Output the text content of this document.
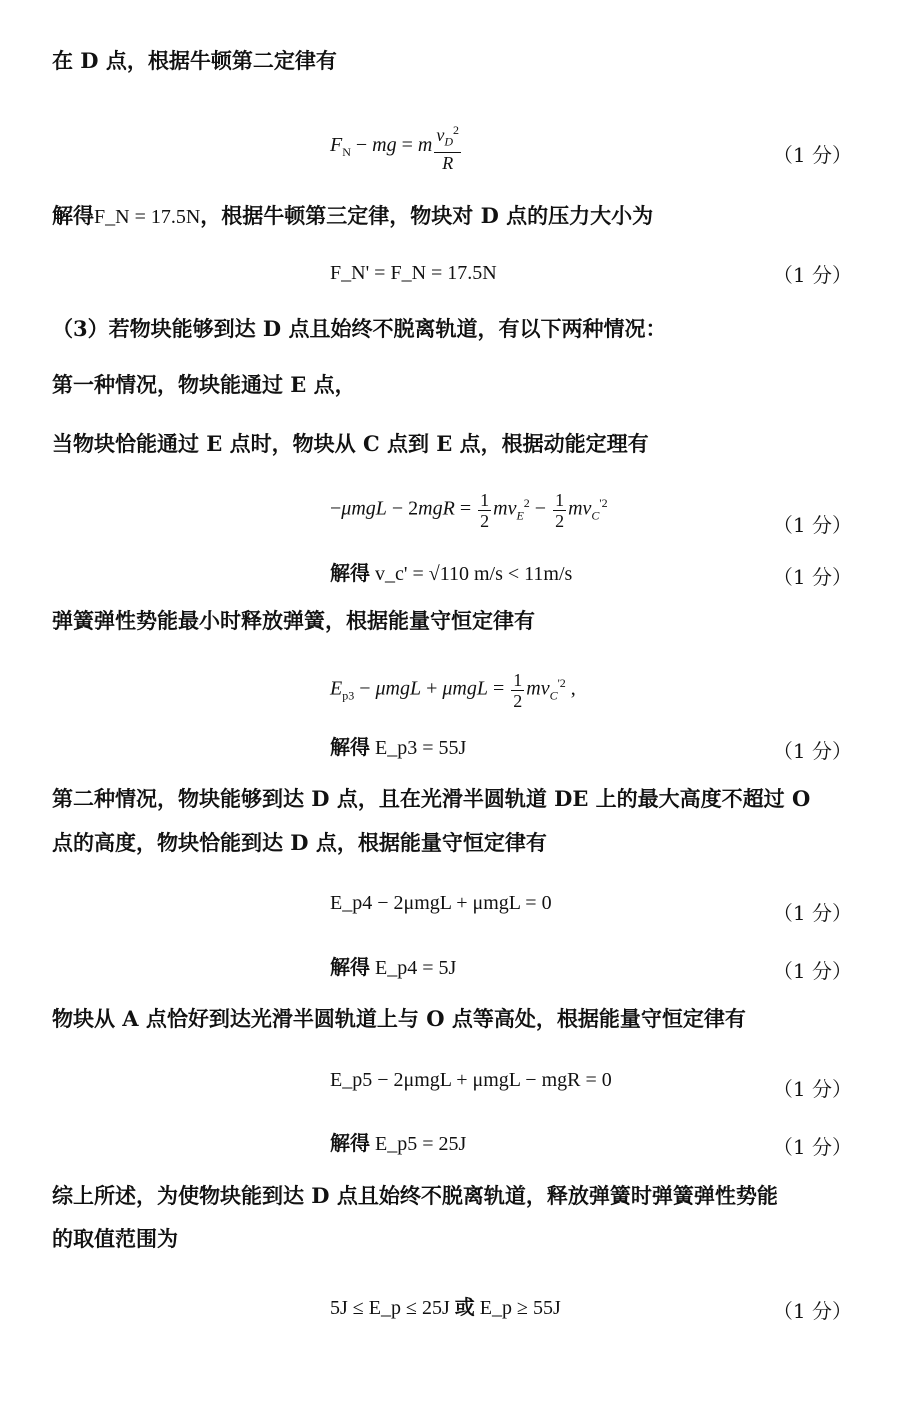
在 D 点，根据牛顿第二定律有
$F_N$ − mg = m $\frac{v_D^2}{R}$	（1 分）
解得F_N = 17.5N，根据牛顿第三定律，物块对 D 点的压力大小为
F_N' = F_N = 17.5N	（1 分）
（3）若物块能够到达 D 点且始终不脱离轨道，有以下两种情况：
第一种情况，物块能通过 E 点，
当物块恰能通过 E 点时，物块从 C 点到 E 点，根据动能定理有
$-\mu mgL - 2mgR = \frac{1}{2} mv_E^2 - \frac{1}{2} mv_C^{'2}$
（1 分）
解得 v_c' = √110 m/s < 11m/s	（1 分）
弹簧弹性势能最小时释放弹簧，根据能量守恒定律有
$E_{p3} - \mu mgL + \mu mgL = \frac{1}{2} mv_C^{'2}$ ,
解得 E_p3 = 55J	（1 分）
第二种情况，物块能够到达 D 点，且在光滑半圆轨道 DE 上的最大高度不超过 O
点的高度，物块恰能到达 D 点，根据能量守恒定律有
E_p4 − 2μmgL + μmgL = 0	（1 分）
解得 E_p4 = 5J	（1 分）
物块从 A 点恰好到达光滑半圆轨道上与 O 点等高处，根据能量守恒定律有
E_p5 − 2μmgL + μmgL − mgR = 0	（1 分）
解得 E_p5 = 25J	（1 分）
综上所述，为使物块能到达 D 点且始终不脱离轨道，释放弹簧时弹簧弹性势能
的取值范围为
5J ≤ E_p ≤ 25J 或 E_p ≥ 55J	（1 分）
